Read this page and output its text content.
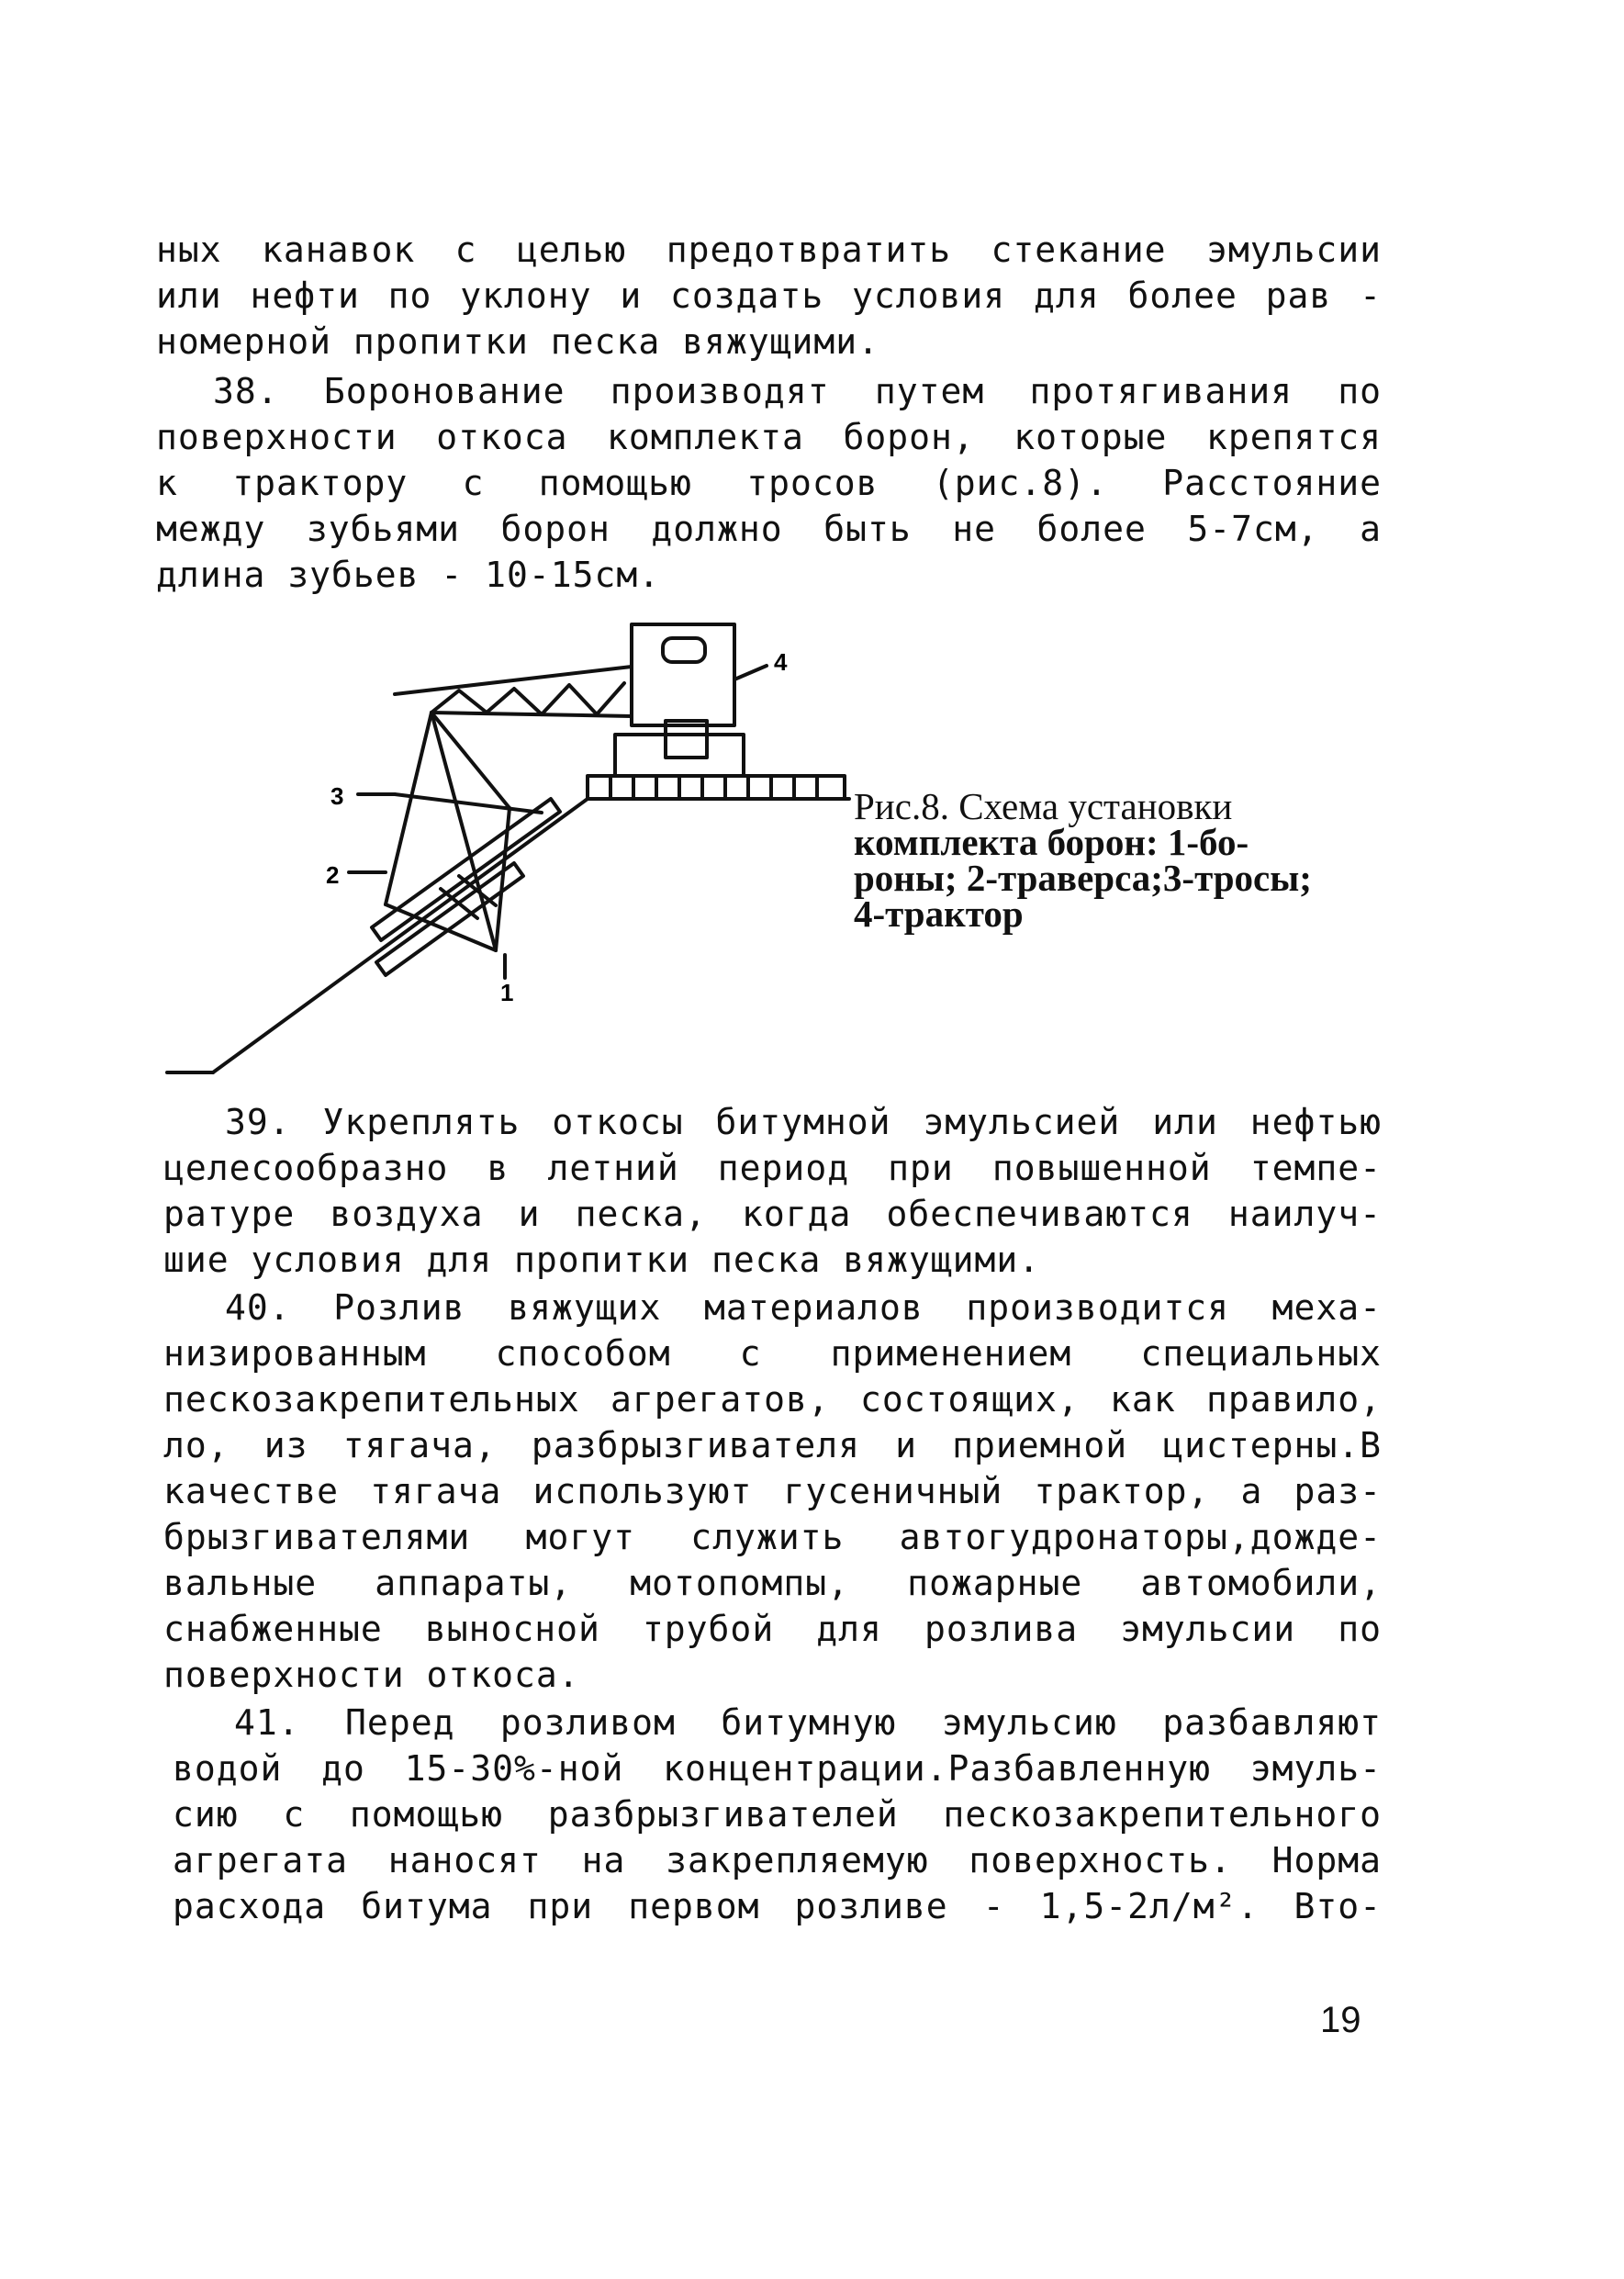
ных канавок с целью предотвратить стекание эмульсии
или нефти по уклону и создать условия для более рав -
номерной пропитки песка вяжущими.
38. Боронование производят путем протягивания по
поверхности откоса комплекта борон, которые крепятся
к трактору с помощью тросов (рис.8). Расстояние
между зубьями борон должно быть не более 5-7см, а
длина зубьев - 10-15см.
4
3
2
1
Рис.8. Схема установки
комплекта борон: 1-бо-
роны; 2-траверса;3-тросы;
4-трактор
39. Укреплять откосы битумной эмульсией или нефтью
целесообразно в летний период при повышенной темпе-
ратуре воздуха и песка, когда обеспечиваются наилуч-
шие условия для пропитки песка вяжущими.
40. Розлив вяжущих материалов производится меха-
низированным способом с применением специальных
пескозакрепительных агрегатов, состоящих, как правило,
ло, из тягача, разбрызгивателя и приемной цистерны.В
качестве тягача используют гусеничный трактор, а раз-
брызгивателями могут служить автогудронаторы,дожде-
вальные аппараты, мотопомпы, пожарные автомобили,
снабженные выносной трубой для розлива эмульсии по
поверхности откоса.
41. Перед розливом битумную эмульсию разбавляют
водой до 15-30%-ной концентрации.Разбавленную эмуль-
сию с помощью разбрызгивателей пескозакрепительного
агрегата наносят на закрепляемую поверхность. Норма
расхода битума при первом розливе - 1,5-2л/м². Вто-
19
